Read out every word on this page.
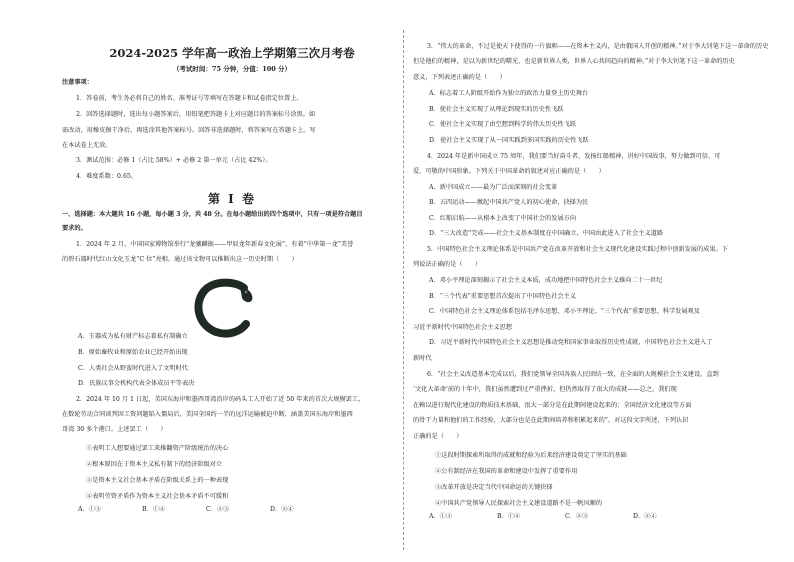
2024-2025 学年高一政治上学期第三次月考卷
（考试时间：75 分钟，分值：100 分）
注意事项：
1．答卷前，考生务必将自己的姓名、准考证号等填写在答题卡和试卷指定位置上。
2．回答选择题时，选出每小题答案后，用铅笔把答题卡上对应题目的答案标号涂黑。如
需改动，用橡皮擦干净后，再选涂其他答案标号。回答非选择题时，将答案写在答题卡上。写
在本试卷上无效。
3．测试范围：必修 1（占比 58%）+ 必修 2 第一单元（占比 42%）。
4．难度系数：0.65。
第 I 卷
一、选择题：本大题共 16 小题，每小题 3 分，共 48 分。在每小题给出的四个选项中，只有一项是符合题目
要求的。
1．2024 年 2 月，中国国家博物馆举行“龙骧麟振——甲辰龙年新春文化展”，有着“中华第一龙”美誉
的碧石器时代红山文化玉龙“C 位”亮相。通过该文物可以推断出这一历史时期（　　）
A．玉器成为私有财产标志着私有制确立
B．原始畜牧业和原始农业已经开始出现
C．人类社会从野蛮时代进入了文明时代
D．氏族议事会机构代表全体成员平等表决
2．2024 年 10 月 1 日起，美国东海岸和墨西哥湾沿岸的码头工人开始了近 50 年来的首次大规模罢工，
在数轮劳动合同谈判因工资问题陷入僵局后，美国全国约一半的远洋运输被迫中断，涵盖美国东海岸和墨西
哥湾 30 多个港口。上述罢工（　　）
①表明工人想要通过罢工来推翻资产阶级统治的决心
②根本原因在于资本主义私有制下的经济阶级对立
③是资本主义社会基本矛盾在阶级关系上的一种表现
④表明劳资矛盾作为资本主义社会基本矛盾不可缓和
A．①③	B．①④	C．②③	D．②④
3．“伟大的革命，不过是使天下使得的一片旗帜——在资本主义内，是由俄国人开创的精神。”对于李大钊笔下这一革命的历史
但是他们的精神，是以为新世纪的曙光，也是新世界人类，世界人心共同趋向的精神。”对于李大钊笔下这一革命的历史
意义，下列表述正确的是（　　）
A．标志着工人阶级开始作为独立的政治力量登上历史舞台
B．使社会主义实现了从理论到现实的历史性飞跃
C．使社会主义实现了由空想到科学的伟大历史性飞跃
D．使社会主义实现了从一国实践到多国实践的历史性飞跃
4．2024 年是新中国成立 75 周年，我们要当好奋斗者，发扬红船精神，讲好中国故事，努力做到可信、可
爱、可敬的中国形象。下列关于中国革命的叙述对应正确的是（　　）
A．新中国成立——最为广泛而深刻的社会变革
B．五四运动——掀起中国共产党人的初心使命，抉择为民
C．红船启航——从根本上改变了中国社会的发展方向
D．“三大改造”完成——社会主义基本制度在中国确立，中国由此进入了社会主义道路
5．中国特色社会主义理论体系是中国共产党在改革开放和社会主义现代化建设实践过程中创新发展的成果。下
列说法正确的是（　　）
A．邓小平理论深刻揭示了社会主义本质，成功地把中国特色社会主义推向二十一世纪
B．“三个代表”重要思想首次提出了中国特色社会主义
C．中国特色社会主义理论体系包括毛泽东思想、邓小平理论、“三个代表”重要思想、科学发展观及
习近平新时代中国特色社会主义思想
D．习近平新时代中国特色社会主义思想是推动党和国家事业取得历史性成就，中国特色社会主义进入了
新时代
6．“社会主义改造基本完成以后，我们党领导全国各族人民团结一致，在全面的大规模社会主义建设。直到
‘文化大革命’前的十年中，我们虽然遭到过严重挫折，但仍然取得了很大的成就——总之，我们现
在赖以进行现代化建设的物质技术基础，很大一部分是在此期间建设起来的；全国经济文化建设等方面
的骨干力量和他们的工作经验，大部分也是在此期间培养和积累起来的”。对这段文字所述，下列认识
正确的是（　　）
①这段时期探索所取得的成就和经验为后来经济建设奠定了坚实的基础
②公有制经济在我国的革命和建设中发挥了重要作用
③改革开放是决定当代中国命运的关键抉择
④中国共产党领导人民探索社会主义建设道路不是一帆风顺的
A．①③	B．①④	C．②③	D．②④
